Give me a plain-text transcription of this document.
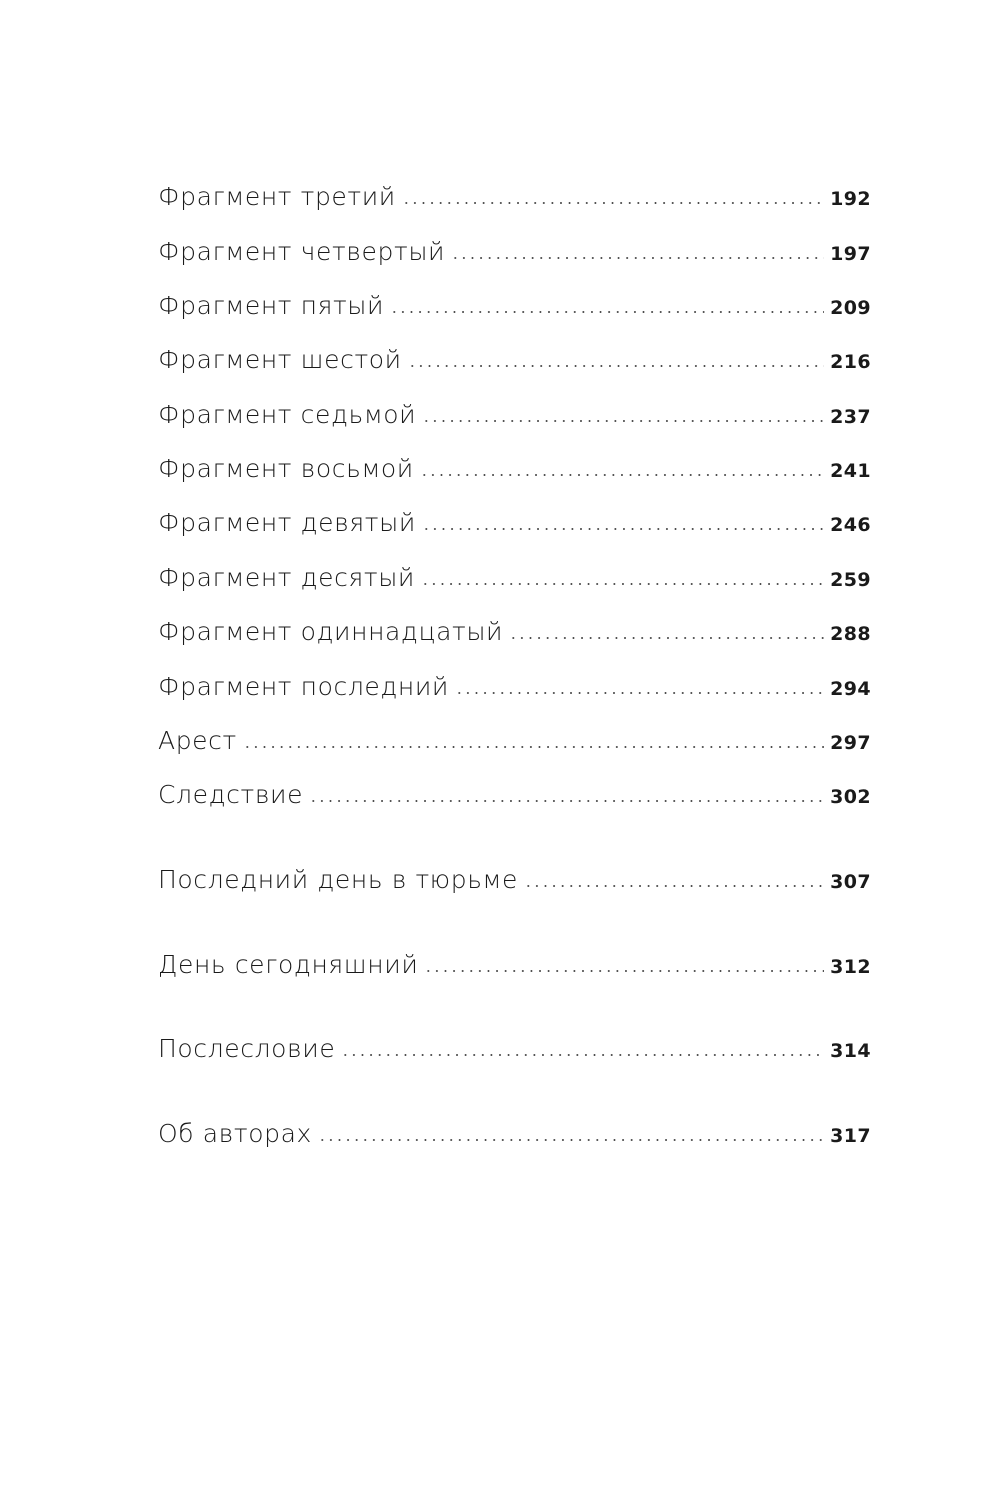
Фрагмент третий	192
Фрагмент четвертый	197
Фрагмент пятый	209
Фрагмент шестой	216
Фрагмент седьмой	237
Фрагмент восьмой	241
Фрагмент девятый	246
Фрагмент десятый	259
Фрагмент одиннадцатый	288
Фрагмент последний	294
Арест	297
Следствие	302
Последний день в тюрьме	307
День сегодняшний	312
Послесловие	314
Об авторах	317
